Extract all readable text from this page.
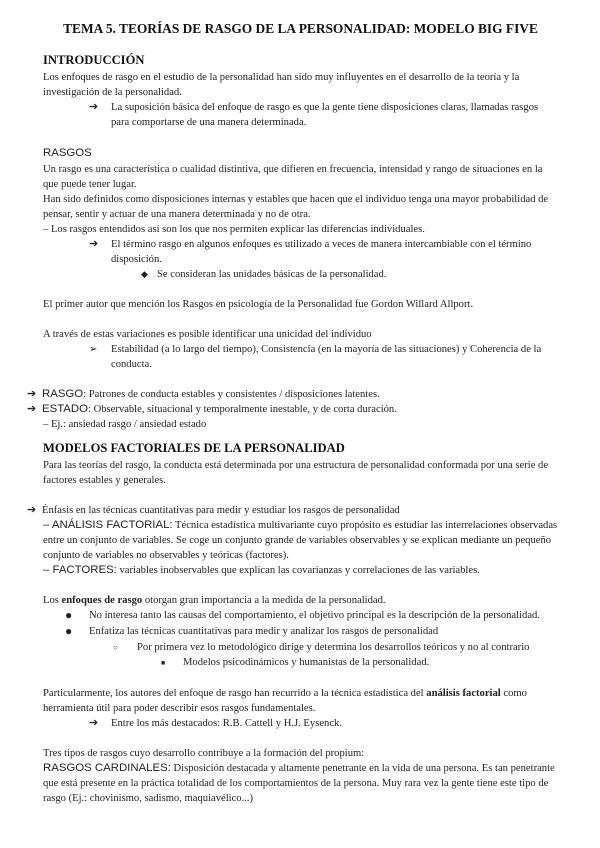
TEMA 5. TEORÍAS DE RASGO DE LA PERSONALIDAD: MODELO BIG FIVE
INTRODUCCIÓN

Los enfoques de rasgo en el estudio de la personalidad han sido muy influyentes en el desarrollo de la teoría y la investigación de la personalidad.

➔	La suposición básica del enfoque de rasgo es que la gente tiene disposiciones claras, llamadas rasgos para comportarse de una manera determinada.
RASGOS

Un rasgo es una característica o cualidad distintiva, que difieren en frecuencia, intensidad y rango de situaciones en la que puede tener lugar.

Han sido definidos como disposiciones internas y estables que hacen que el individuo tenga una mayor probabilidad de pensar, sentir y actuar de una manera determinada y no de otra.

– Los rasgos entendidos así son los que nos permiten explicar las diferencias individuales.

➔	El término rasgo en algunos enfoques es utilizado a veces de manera intercambiable con el término disposición.
◆ Se consideran las unidades básicas de la personalidad.

El primer autor que mención los Rasgos en psicología de la Personalidad fue Gordon Willard Allport.

A través de estas variaciones es posible identificar una unicidad del individuo

➢	Estabilidad (a lo largo del tiempo), Consistencia (en la mayoría de las situaciones) y Coherencia de la conducta.
➔ RASGO: Patrones de conducta estables y consistentes / disposiciones latentes.
➔ ESTADO: Observable, situacional y temporalmente inestable, y de corta duración.

– Ej.: ansiedad rasgo / ansiedad estado

MODELOS FACTORIALES DE LA PERSONALIDAD

Para las teorías del rasgo, la conducta está determinada por una estructura de personalidad conformada por una serie de factores estables y generales.

➔ Énfasis en las técnicas cuantitativas para medir y estudiar los rasgos de personalidad

– ANÁLISIS FACTORIAL: Técnica estadística multivariante cuyo propósito es estudiar las interrelaciones observadas entre un conjunto de variables. Se coge un conjunto grande de variables observables y se explican mediante un pequeño conjunto de variables no observables y teóricas (factores).

– FACTORES: variables inobservables que explican las covarianzas y correlaciones de las variables.

Los enfoques de rasgo otorgan gran importancia a la medida de la personalidad.

●	No interesa tanto las causas del comportamiento, el objetivo principal es la descripción de la personalidad.
●	Enfatiza las técnicas cuantitativas para medir y analizar los rasgos de personalidad
○	Por primera vez lo metodológico dirige y determina los desarrollos teóricos y no al contrario
■	Modelos psicodinámicos y humanistas de la personalidad.

Particularmente, los autores del enfoque de rasgo han recurrido a la técnica estadística del análisis factorial como herramienta útil para poder describir esos rasgos fundamentales.

➔	Entre los más destacados: R.B. Cattell y H.J. Eysenck.

Tres tipos de rasgos cuyo desarrollo contribuye a la formación del propium:

RASGOS CARDINALES: Disposición destacada y altamente penetrante en la vida de una persona. Es tan penetrante que está presente en la práctica totalidad de los comportamientos de la persona. Muy rara vez la gente tiene este tipo de rasgo (Ej.: chovinismo, sadismo, maquiavélico...)
